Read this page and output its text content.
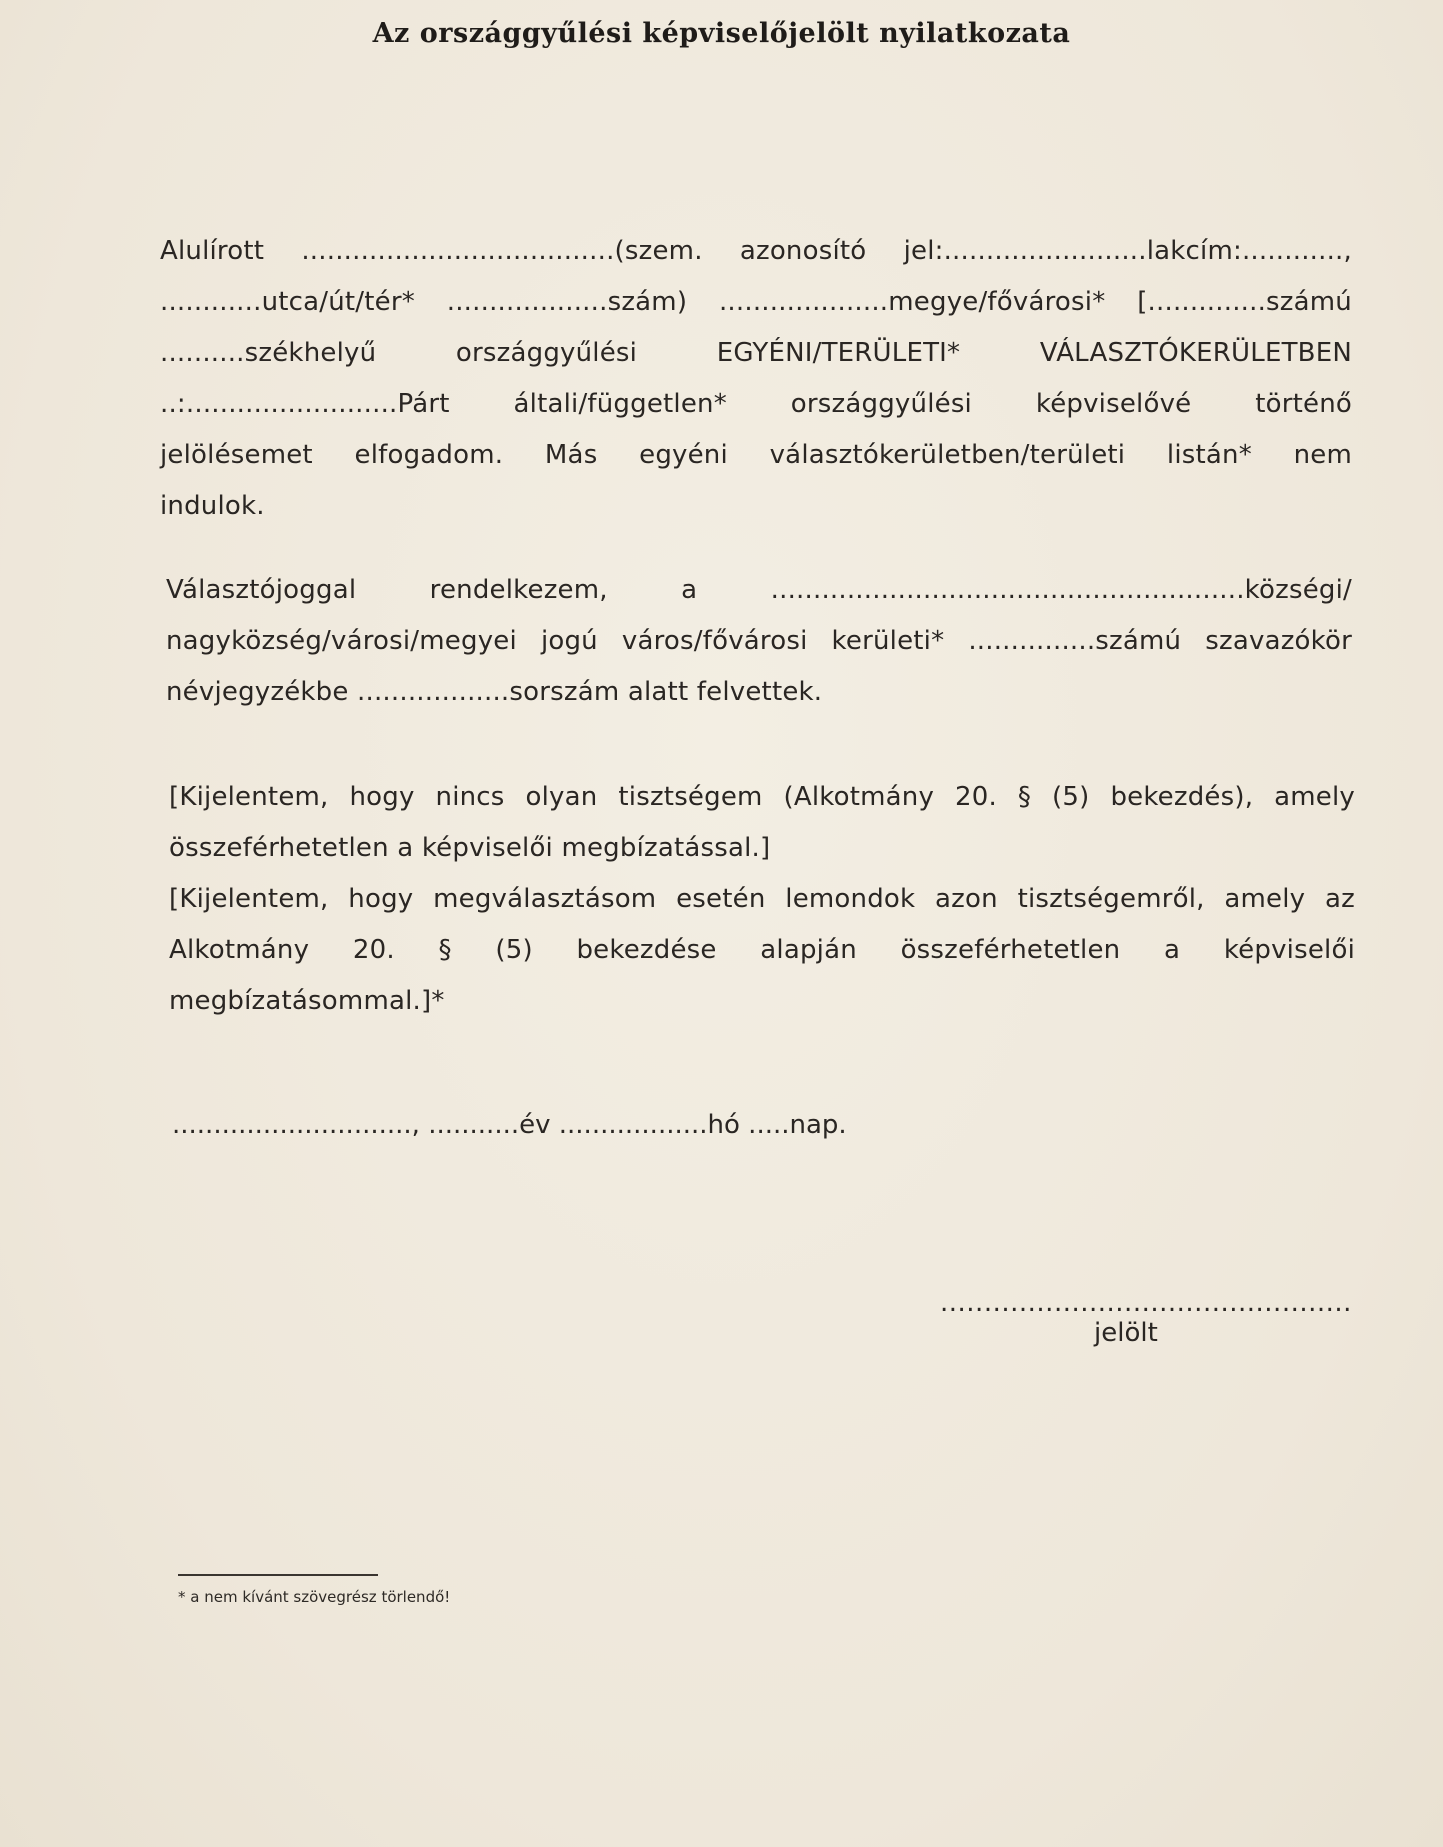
Az országgyűlési képviselőjelölt nyilatkozata
Alulírott .....................................(szem. azonosító jel:........................lakcím:............,
............utca/út/tér* ...................szám) ....................megye/fővárosi* [..............számú
..........székhelyű országgyűlési EGYÉNI/TERÜLETI* VÁLASZTÓKERÜLETBEN
..:.........................Párt általi/független* országgyűlési képviselővé történő
jelölésemet elfogadom. Más egyéni választókerületben/területi listán* nem
indulok.
Választójoggal rendelkezem, a ........................................................községi/
nagyközség/városi/megyei jogú város/fővárosi kerületi* ...............számú szavazókör
névjegyzékbe ..................sorszám alatt felvettek.
[Kijelentem, hogy nincs olyan tisztségem (Alkotmány 20. § (5) bekezdés), amely
összeférhetetlen a képviselői megbízatással.]
[Kijelentem, hogy megválasztásom esetén lemondok azon tisztségemről, amely az
Alkotmány 20. § (5) bekezdése alapján összeférhetetlen a képviselői
megbízatásommal.]*
............................., ...........év ..................hó .....nap.
...............................................
jelölt
* a nem kívánt szövegrész törlendő!
